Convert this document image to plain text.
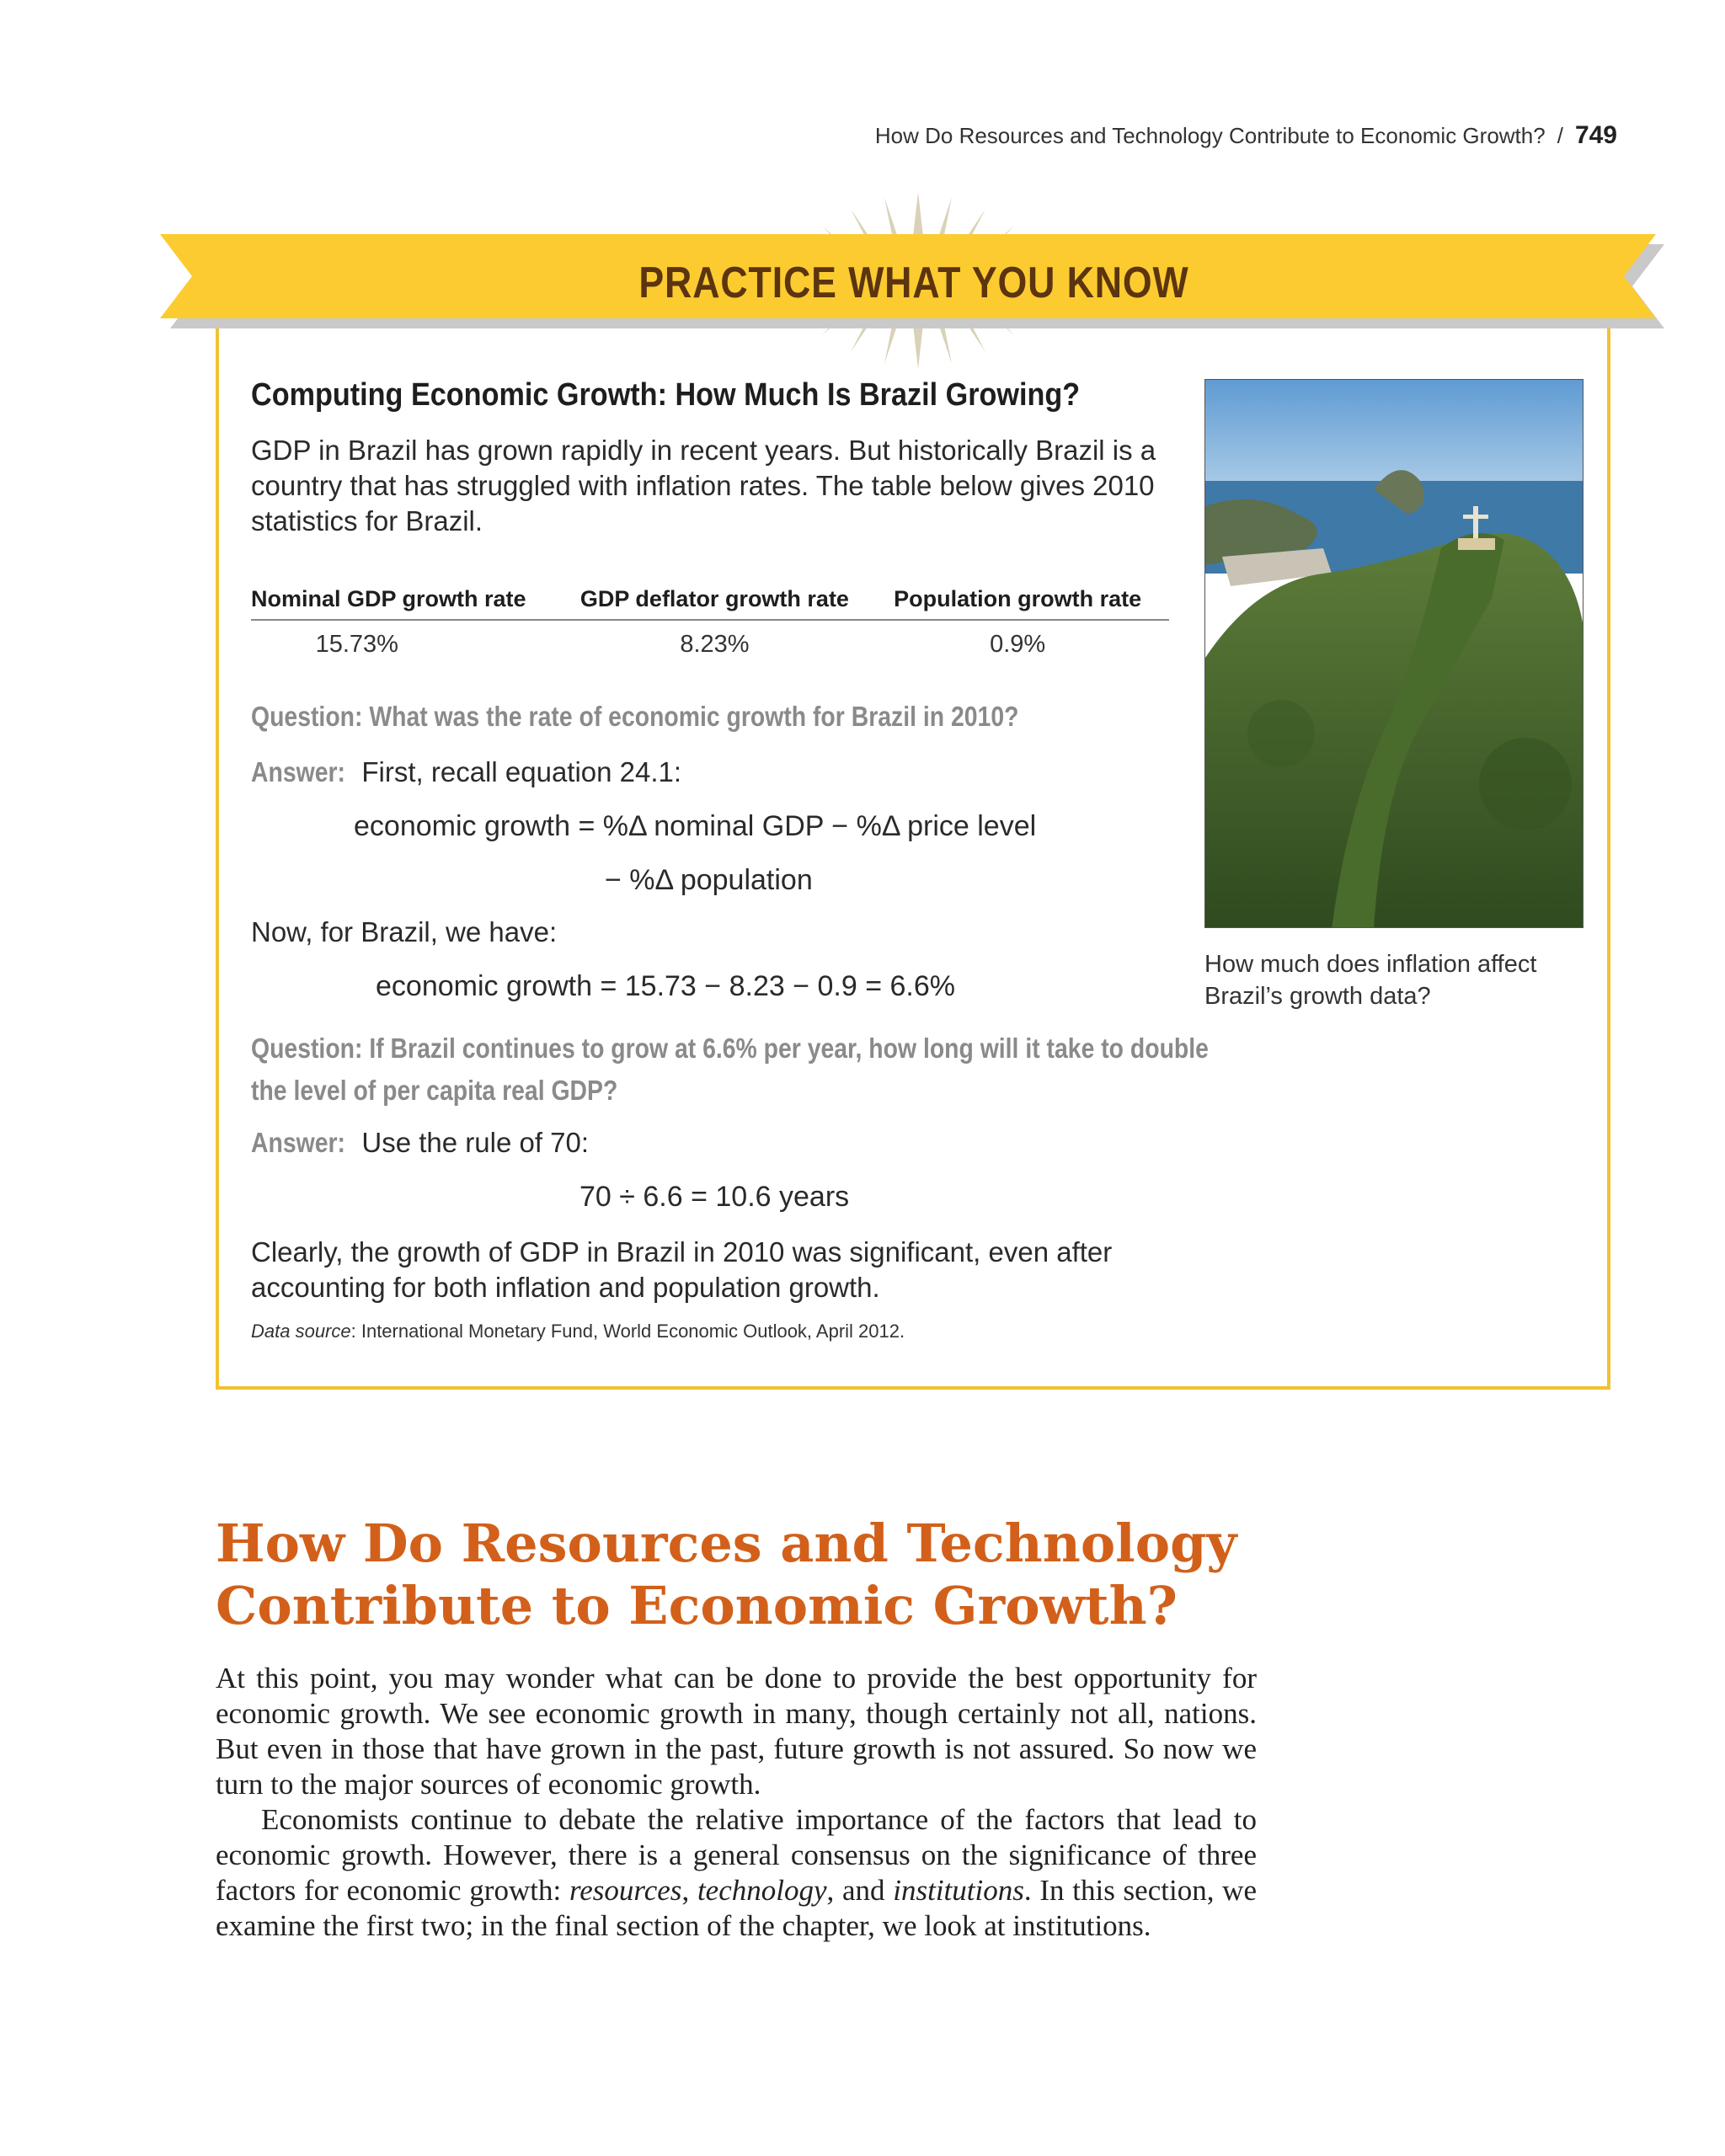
How Do Resources and Technology Contribute to Economic Growth? / 749
PRACTICE WHAT YOU KNOW
Computing Economic Growth: How Much Is Brazil Growing?
GDP in Brazil has grown rapidly in recent years. But historically Brazil is a country that has struggled with inflation rates. The table below gives 2010 statistics for Brazil.
Nominal GDP growth rate	GDP deflator growth rate	Population growth rate
15.73%	8.23%	0.9%
Question: What was the rate of economic growth for Brazil in 2010?
Answer: First, recall equation 24.1:
economic growth = %Δ nominal GDP − %Δ price level
− %Δ population
Now, for Brazil, we have:
economic growth = 15.73 − 8.23 − 0.9 = 6.6%
Question: If Brazil continues to grow at 6.6% per year, how long will it take to double
the level of per capita real GDP?
Answer: Use the rule of 70:
70 ÷ 6.6 = 10.6 years
Clearly, the growth of GDP in Brazil in 2010 was significant, even after accounting for both inflation and population growth.
Data source: International Monetary Fund, World Economic Outlook, April 2012.
How much does inflation affect Brazil’s growth data?
How Do Resources and Technology Contribute to Economic Growth?

At this point, you may wonder what can be done to provide the best opportunity for economic growth. We see economic growth in many, though certainly not all, nations. But even in those that have grown in the past, future growth is not assured. So now we turn to the major sources of economic growth.

Economists continue to debate the relative importance of the factors that lead to economic growth. However, there is a general consensus on the significance of three factors for economic growth: resources, technology, and institutions. In this section, we examine the first two; in the final section of the chapter, we look at institutions.
